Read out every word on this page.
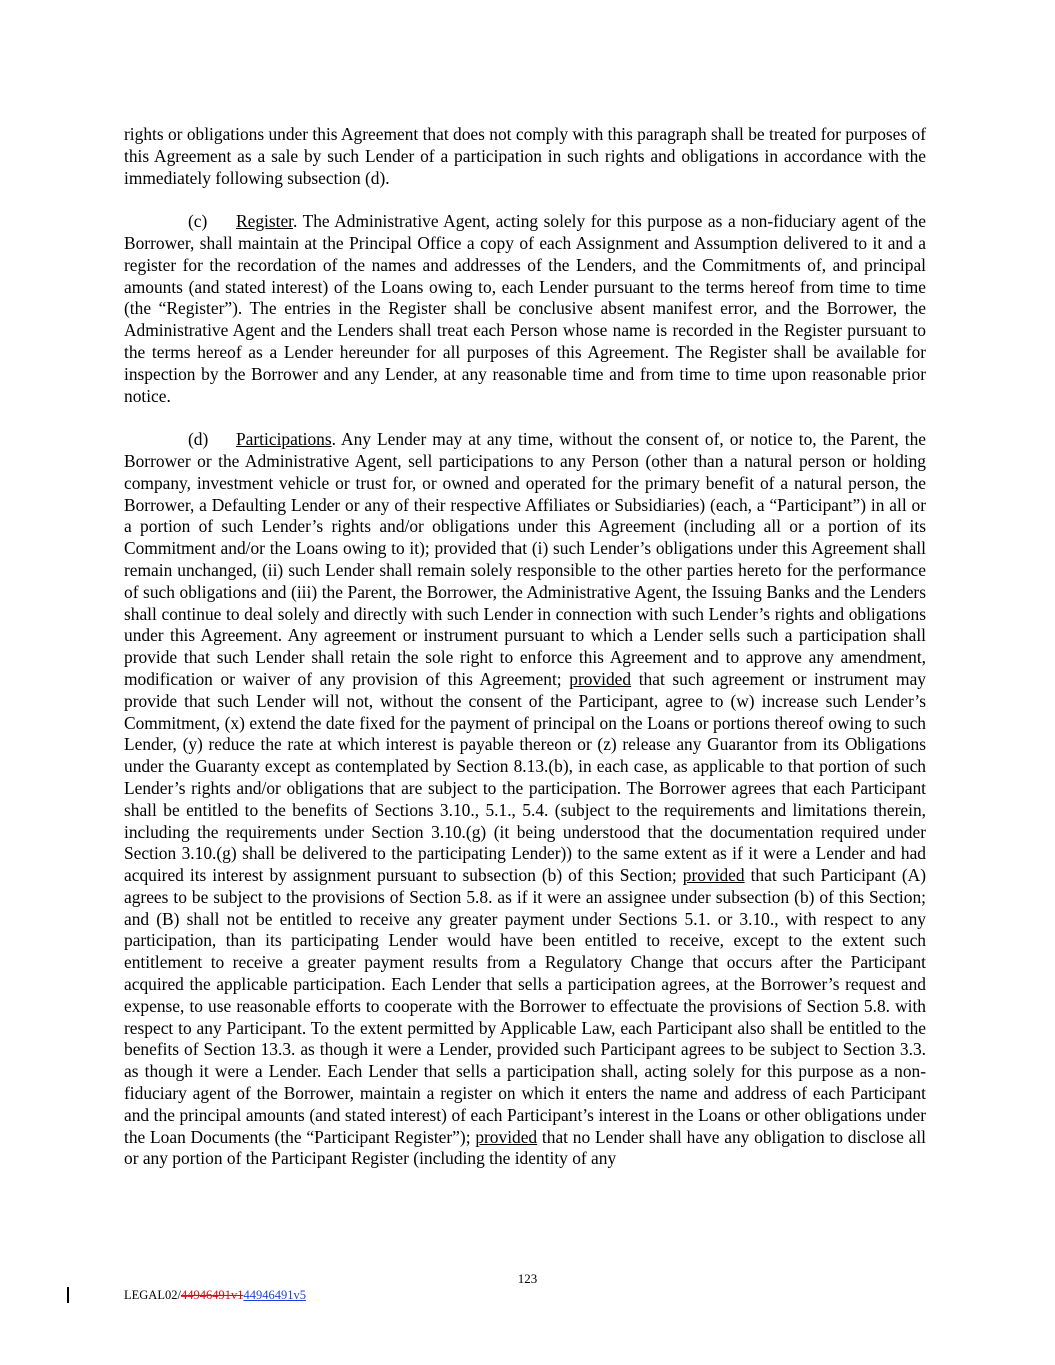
rights or obligations under this Agreement that does not comply with this paragraph shall be treated for purposes of this Agreement as a sale by such Lender of a participation in such rights and obligations in accordance with the immediately following subsection (d).

(c) Register. The Administrative Agent, acting solely for this purpose as a non-fiduciary agent of the Borrower, shall maintain at the Principal Office a copy of each Assignment and Assumption delivered to it and a register for the recordation of the names and addresses of the Lenders, and the Commitments of, and principal amounts (and stated interest) of the Loans owing to, each Lender pursuant to the terms hereof from time to time (the “Register”). The entries in the Register shall be conclusive absent manifest error, and the Borrower, the Administrative Agent and the Lenders shall treat each Person whose name is recorded in the Register pursuant to the terms hereof as a Lender hereunder for all purposes of this Agreement. The Register shall be available for inspection by the Borrower and any Lender, at any reasonable time and from time to time upon reasonable prior notice.

(d) Participations. Any Lender may at any time, without the consent of, or notice to, the Parent, the Borrower or the Administrative Agent, sell participations to any Person (other than a natural person or holding company, investment vehicle or trust for, or owned and operated for the primary benefit of a natural person, the Borrower, a Defaulting Lender or any of their respective Affiliates or Subsidiaries) (each, a “Participant”) in all or a portion of such Lender’s rights and/or obligations under this Agreement (including all or a portion of its Commitment and/or the Loans owing to it); provided that (i) such Lender’s obligations under this Agreement shall remain unchanged, (ii) such Lender shall remain solely responsible to the other parties hereto for the performance of such obligations and (iii) the Parent, the Borrower, the Administrative Agent, the Issuing Banks and the Lenders shall continue to deal solely and directly with such Lender in connection with such Lender’s rights and obligations under this Agreement. Any agreement or instrument pursuant to which a Lender sells such a participation shall provide that such Lender shall retain the sole right to enforce this Agreement and to approve any amendment, modification or waiver of any provision of this Agreement; provided that such agreement or instrument may provide that such Lender will not, without the consent of the Participant, agree to (w) increase such Lender’s Commitment, (x) extend the date fixed for the payment of principal on the Loans or portions thereof owing to such Lender, (y) reduce the rate at which interest is payable thereon or (z) release any Guarantor from its Obligations under the Guaranty except as contemplated by Section 8.13.(b), in each case, as applicable to that portion of such Lender’s rights and/or obligations that are subject to the participation. The Borrower agrees that each Participant shall be entitled to the benefits of Sections 3.10., 5.1., 5.4. (subject to the requirements and limitations therein, including the requirements under Section 3.10.(g) (it being understood that the documentation required under Section 3.10.(g) shall be delivered to the participating Lender)) to the same extent as if it were a Lender and had acquired its interest by assignment pursuant to subsection (b) of this Section; provided that such Participant (A) agrees to be subject to the provisions of Section 5.8. as if it were an assignee under subsection (b) of this Section; and (B) shall not be entitled to receive any greater payment under Sections 5.1. or 3.10., with respect to any participation, than its participating Lender would have been entitled to receive, except to the extent such entitlement to receive a greater payment results from a Regulatory Change that occurs after the Participant acquired the applicable participation. Each Lender that sells a participation agrees, at the Borrower’s request and expense, to use reasonable efforts to cooperate with the Borrower to effectuate the provisions of Section 5.8. with respect to any Participant. To the extent permitted by Applicable Law, each Participant also shall be entitled to the benefits of Section 13.3. as though it were a Lender, provided such Participant agrees to be subject to Section 3.3. as though it were a Lender. Each Lender that sells a participation shall, acting solely for this purpose as a non-fiduciary agent of the Borrower, maintain a register on which it enters the name and address of each Participant and the principal amounts (and stated interest) of each Participant’s interest in the Loans or other obligations under the Loan Documents (the “Participant Register”); provided that no Lender shall have any obligation to disclose all or any portion of the Participant Register (including the identity of any

123
LEGAL02/44946491v144946491v5
